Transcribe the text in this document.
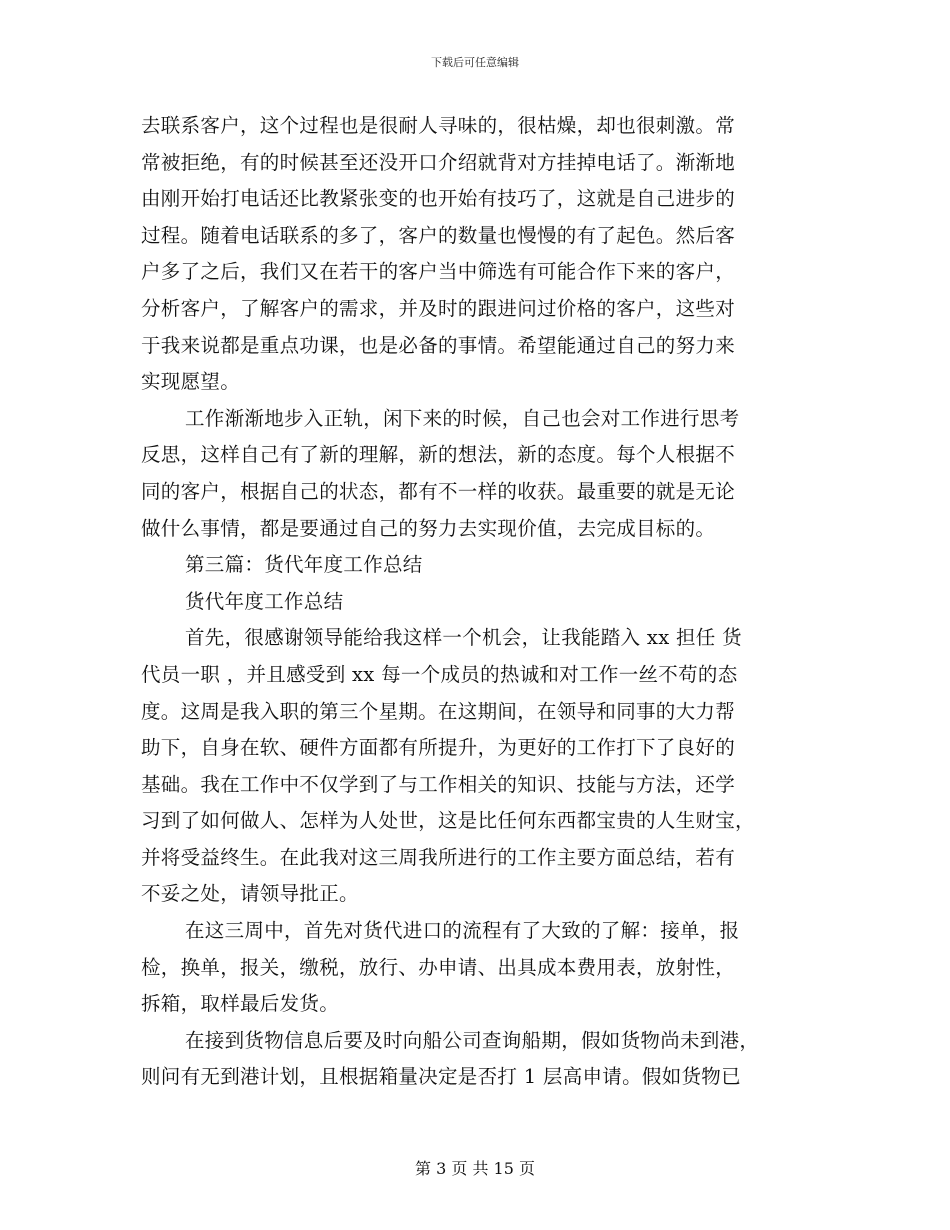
下载后可任意编辑
去联系客户，这个过程也是很耐人寻味的，很枯燥，却也很刺激。常
常被拒绝，有的时候甚至还没开口介绍就背对方挂掉电话了。渐渐地
由刚开始打电话还比教紧张变的也开始有技巧了，这就是自己进步的
过程。随着电话联系的多了，客户的数量也慢慢的有了起色。然后客
户多了之后，我们又在若干的客户当中筛选有可能合作下来的客户，
分析客户，了解客户的需求，并及时的跟进问过价格的客户，这些对
于我来说都是重点功课，也是必备的事情。希望能通过自己的努力来
实现愿望。
工作渐渐地步入正轨，闲下来的时候，自己也会对工作进行思考
反思，这样自己有了新的理解，新的想法，新的态度。每个人根据不
同的客户，根据自己的状态，都有不一样的收获。最重要的就是无论
做什么事情，都是要通过自己的努力去实现价值，去完成目标的。
第三篇：货代年度工作总结
货代年度工作总结
首先，很感谢领导能给我这样一个机会，让我能踏入 xx 担任 货
代员一职 ，并且感受到 xx 每一个成员的热诚和对工作一丝不苟的态
度。这周是我入职的第三个星期。在这期间，在领导和同事的大力帮
助下，自身在软、硬件方面都有所提升，为更好的工作打下了良好的
基础。我在工作中不仅学到了与工作相关的知识、技能与方法，还学
习到了如何做人、怎样为人处世，这是比任何东西都宝贵的人生财宝，
并将受益终生。在此我对这三周我所进行的工作主要方面总结，若有
不妥之处，请领导批正。
在这三周中，首先对货代进口的流程有了大致的了解：接单，报
检，换单，报关，缴税，放行、办申请、出具成本费用表，放射性，
拆箱，取样最后发货。
在接到货物信息后要及时向船公司查询船期，假如货物尚未到港，
则问有无到港计划，且根据箱量决定是否打 1 层高申请。假如货物已
第 3 页 共 15 页
